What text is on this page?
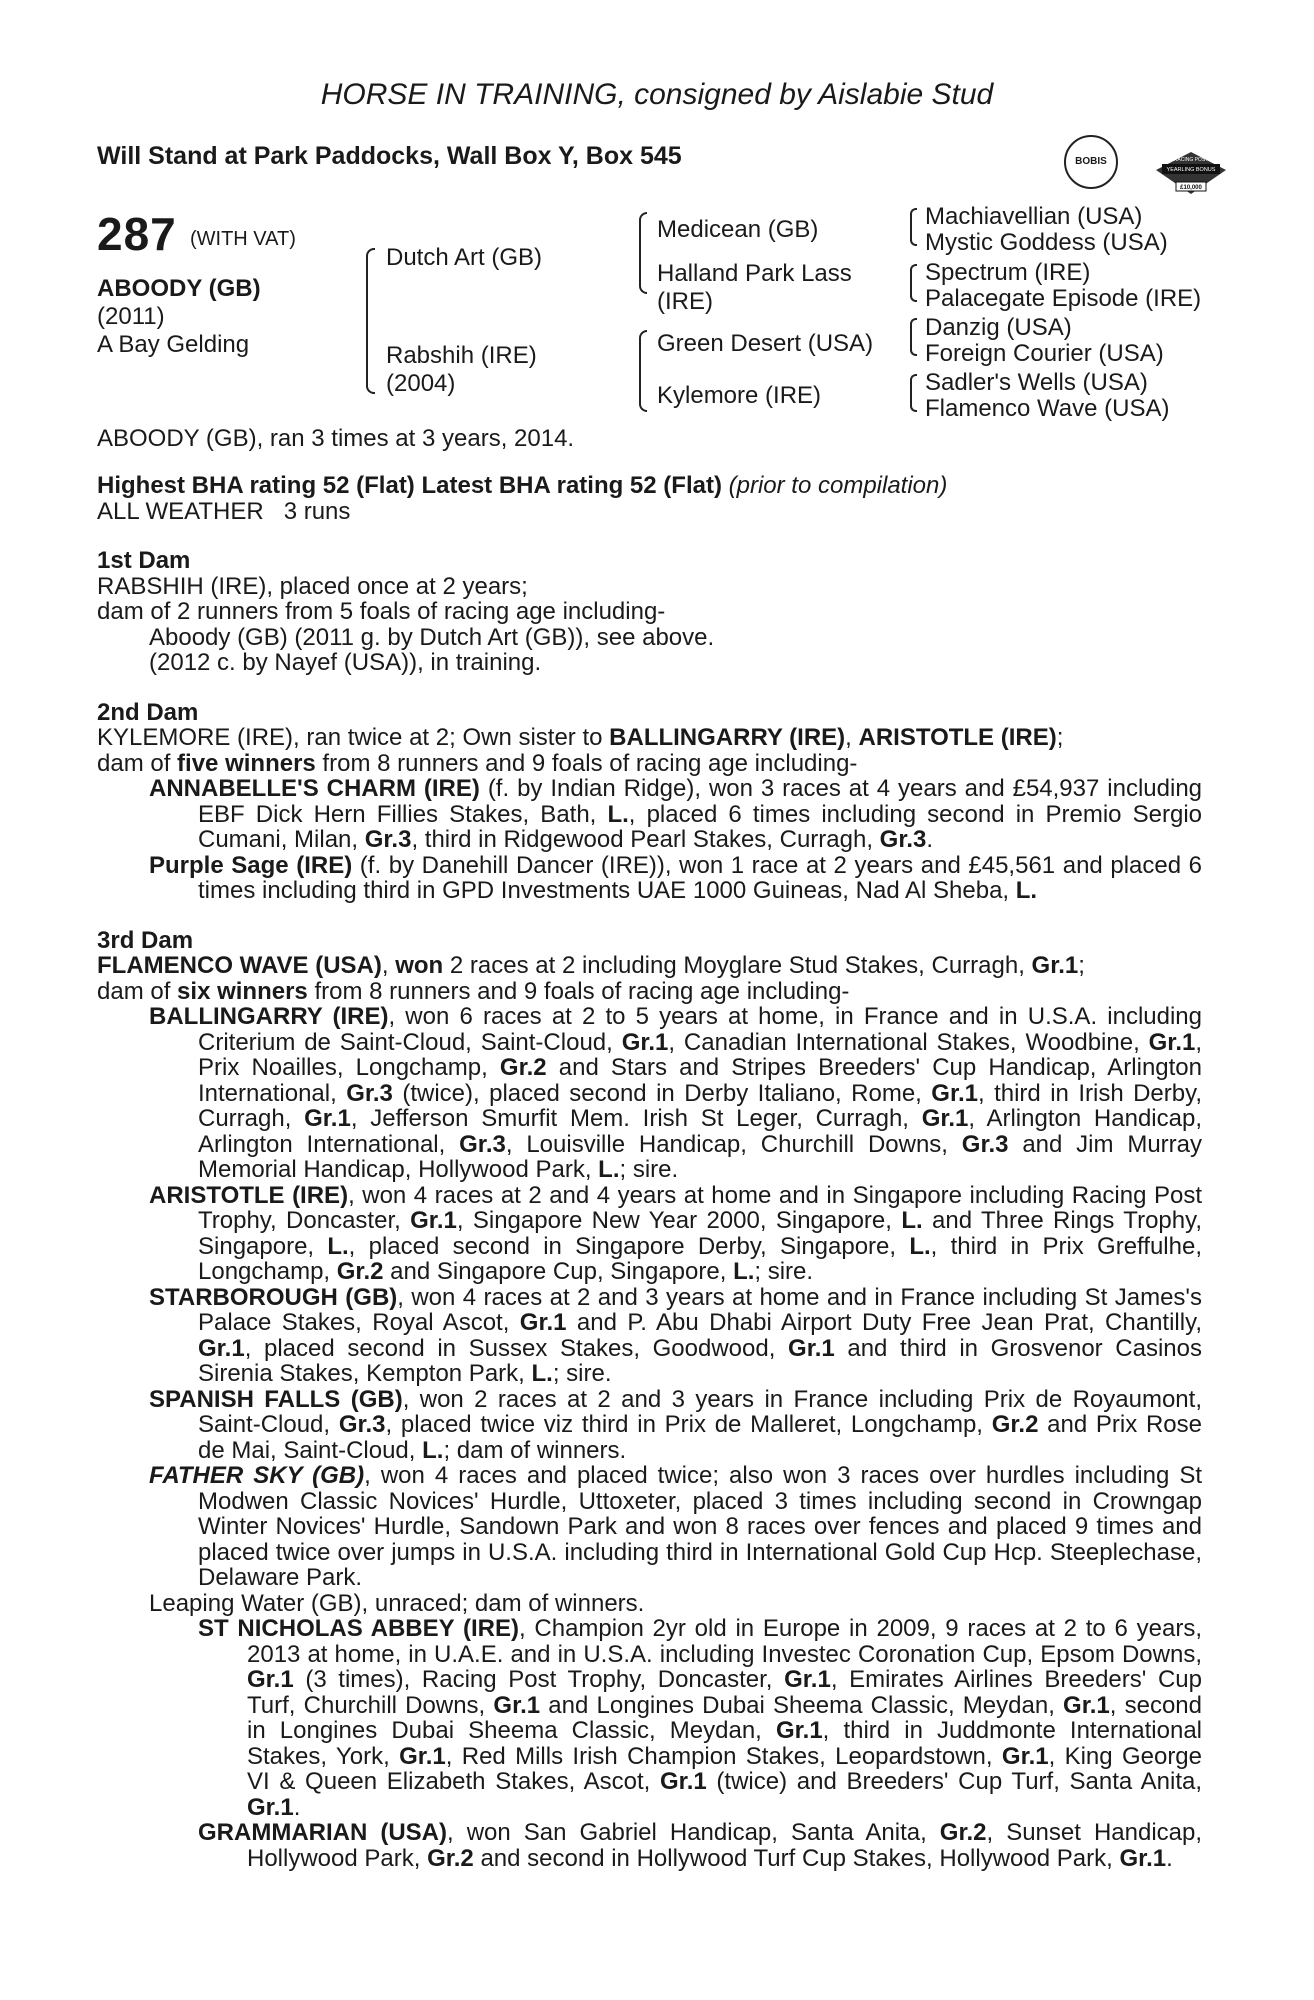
HORSE IN TRAINING, consigned by Aislabie Stud
Will Stand at Park Paddocks, Wall Box Y, Box 545	BOBIS	RACING POST
YEARLING BONUS
£10,000
287 (WITH VAT)
ABOODY (GB)
(2011)
A Bay Gelding
Dutch Art (GB)
Rabshih (IRE)
(2004)
Medicean (GB)
Halland Park Lass
(IRE)
Green Desert (USA)
Kylemore (IRE)
Machiavellian (USA)
Mystic Goddess (USA)
Spectrum (IRE)
Palacegate Episode (IRE)
Danzig (USA)
Foreign Courier (USA)
Sadler's Wells (USA)
Flamenco Wave (USA)
ABOODY (GB), ran 3 times at 3 years, 2014.

Highest BHA rating 52 (Flat) Latest BHA rating 52 (Flat) (prior to compilation)

ALL WEATHER   3 runs

1st Dam

RABSHIH (IRE), placed once at 2 years;

dam of 2 runners from 5 foals of racing age including-

Aboody (GB) (2011 g. by Dutch Art (GB)), see above.

(2012 c. by Nayef (USA)), in training.

2nd Dam

KYLEMORE (IRE), ran twice at 2; Own sister to BALLINGARRY (IRE), ARISTOTLE (IRE);

dam of five winners from 8 runners and 9 foals of racing age including-

ANNABELLE'S CHARM (IRE) (f. by Indian Ridge), won 3 races at 4 years and £54,937 including EBF Dick Hern Fillies Stakes, Bath, L., placed 6 times including second in Premio Sergio Cumani, Milan, Gr.3, third in Ridgewood Pearl Stakes, Curragh, Gr.3.

Purple Sage (IRE) (f. by Danehill Dancer (IRE)), won 1 race at 2 years and £45,561 and placed 6 times including third in GPD Investments UAE 1000 Guineas, Nad Al Sheba, L.

3rd Dam

FLAMENCO WAVE (USA), won 2 races at 2 including Moyglare Stud Stakes, Curragh, Gr.1;

dam of six winners from 8 runners and 9 foals of racing age including-

BALLINGARRY (IRE), won 6 races at 2 to 5 years at home, in France and in U.S.A. including Criterium de Saint-Cloud, Saint-Cloud, Gr.1, Canadian International Stakes, Woodbine, Gr.1, Prix Noailles, Longchamp, Gr.2 and Stars and Stripes Breeders' Cup Handicap, Arlington International, Gr.3 (twice), placed second in Derby Italiano, Rome, Gr.1, third in Irish Derby, Curragh, Gr.1, Jefferson Smurfit Mem. Irish St Leger, Curragh, Gr.1, Arlington Handicap, Arlington International, Gr.3, Louisville Handicap, Churchill Downs, Gr.3 and Jim Murray Memorial Handicap, Hollywood Park, L.; sire.

ARISTOTLE (IRE), won 4 races at 2 and 4 years at home and in Singapore including Racing Post Trophy, Doncaster, Gr.1, Singapore New Year 2000, Singapore, L. and Three Rings Trophy, Singapore, L., placed second in Singapore Derby, Singapore, L., third in Prix Greffulhe, Longchamp, Gr.2 and Singapore Cup, Singapore, L.; sire.

STARBOROUGH (GB), won 4 races at 2 and 3 years at home and in France including St James's Palace Stakes, Royal Ascot, Gr.1 and P. Abu Dhabi Airport Duty Free Jean Prat, Chantilly, Gr.1, placed second in Sussex Stakes, Goodwood, Gr.1 and third in Grosvenor Casinos Sirenia Stakes, Kempton Park, L.; sire.

SPANISH FALLS (GB), won 2 races at 2 and 3 years in France including Prix de Royaumont, Saint-Cloud, Gr.3, placed twice viz third in Prix de Malleret, Longchamp, Gr.2 and Prix Rose de Mai, Saint-Cloud, L.; dam of winners.

FATHER SKY (GB), won 4 races and placed twice; also won 3 races over hurdles including St Modwen Classic Novices' Hurdle, Uttoxeter, placed 3 times including second in Crowngap Winter Novices' Hurdle, Sandown Park and won 8 races over fences and placed 9 times and placed twice over jumps in U.S.A. including third in International Gold Cup Hcp. Steeplechase, Delaware Park.

Leaping Water (GB), unraced; dam of winners.

ST NICHOLAS ABBEY (IRE), Champion 2yr old in Europe in 2009, 9 races at 2 to 6 years, 2013 at home, in U.A.E. and in U.S.A. including Investec Coronation Cup, Epsom Downs, Gr.1 (3 times), Racing Post Trophy, Doncaster, Gr.1, Emirates Airlines Breeders' Cup Turf, Churchill Downs, Gr.1 and Longines Dubai Sheema Classic, Meydan, Gr.1, second in Longines Dubai Sheema Classic, Meydan, Gr.1, third in Juddmonte International Stakes, York, Gr.1, Red Mills Irish Champion Stakes, Leopardstown, Gr.1, King George VI & Queen Elizabeth Stakes, Ascot, Gr.1 (twice) and Breeders' Cup Turf, Santa Anita, Gr.1.

GRAMMARIAN (USA), won San Gabriel Handicap, Santa Anita, Gr.2, Sunset Handicap, Hollywood Park, Gr.2 and second in Hollywood Turf Cup Stakes, Hollywood Park, Gr.1.
